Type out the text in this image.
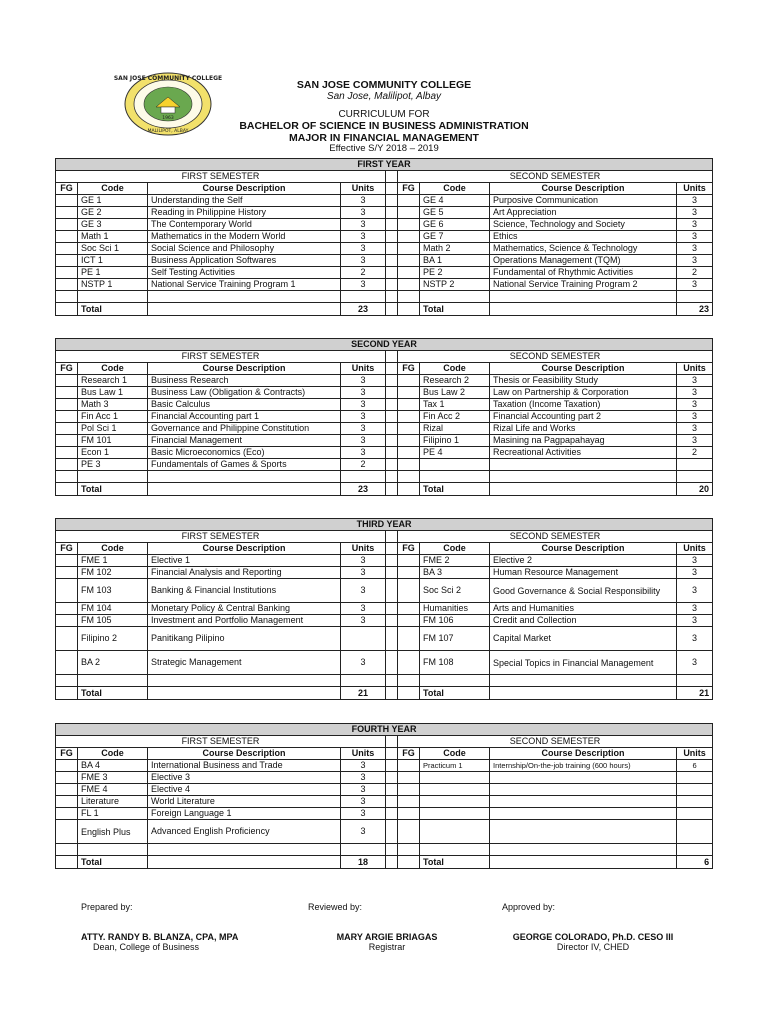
SAN JOSE COMMUNITY COLLEGE
MALILIPOT, ALBAY
1963
SAN JOSE COMMUNITY COLLEGE
San Jose, Malilipot, Albay
CURRICULUM FOR
BACHELOR OF SCIENCE IN BUSINESS ADMINISTRATION
MAJOR IN FINANCIAL MANAGEMENT
Effective S/Y 2018 – 2019
FIRST YEAR								
FIRST SEMESTER					SECOND SEMESTER			
FG	Code	Course Description	Units		FG	Code	Course Description	Units
	GE 1	Understanding the Self	3			GE 4	Purposive Communication	3
	GE 2	Reading in Philippine History	3			GE 5	Art Appreciation	3
	GE 3	The Contemporary World	3			GE 6	Science, Technology and Society	3
	Math 1	Mathematics in the Modern World	3			GE 7	Ethics	3
	Soc Sci 1	Social Science and Philosophy	3			Math 2	Mathematics, Science & Technology	3
	ICT 1	Business Application Softwares	3			BA 1	Operations Management (TQM)	3
	PE 1	Self Testing Activities	2			PE 2	Fundamental of Rhythmic Activities	2
	NSTP 1	National Service Training Program 1	3			NSTP 2	National Service Training Program 2	3

	Total		23			Total		23
SECOND YEAR								
FIRST SEMESTER					SECOND SEMESTER			
FG	Code	Course Description	Units		FG	Code	Course Description	Units
	Research 1	Business Research	3			Research 2	Thesis or Feasibility Study	3
	Bus Law 1	Business Law (Obligation & Contracts)	3			Bus Law 2	Law on Partnership & Corporation	3
	Math 3	Basic Calculus	3			Tax 1	Taxation (Income Taxation)	3
	Fin Acc 1	Financial Accounting part 1	3			Fin Acc 2	Financial Accounting part 2	3
	Pol Sci 1	Governance and Philippine Constitution	3			Rizal	Rizal Life and Works	3
	FM 101	Financial Management	3			Filipino 1	Masining na Pagpapahayag	3
	Econ 1	Basic Microeconomics (Eco)	3			PE 4	Recreational Activities	2
	PE 3	Fundamentals of Games & Sports	2					

	Total		23			Total		20
THIRD YEAR								
FIRST SEMESTER					SECOND SEMESTER			
FG	Code	Course Description	Units		FG	Code	Course Description	Units
	FME 1	Elective 1	3			FME 2	Elective 2	3
	FM 102	Financial Analysis and Reporting	3			BA 3	Human Resource Management	3
	FM 103	Banking & Financial Institutions	3			Soc Sci 2	Good Governance & Social Responsibility	3
	FM 104	Monetary Policy & Central Banking	3			Humanities	Arts and Humanities	3
	FM 105	Investment and Portfolio Management	3			FM 106	Credit and Collection	3
	Filipino 2	Panitikang Pilipino				FM 107	Capital Market	3
	BA 2	Strategic Management	3			FM 108	Special Topics in Financial Management	3

	Total		21			Total		21
FOURTH YEAR								
FIRST SEMESTER					SECOND SEMESTER			
FG	Code	Course Description	Units		FG	Code	Course Description	Units
	BA 4	International Business and Trade	3			Practicum 1	Internship/On-the-job training (600 hours)	6
	FME 3	Elective 3	3					
	FME 4	Elective 4	3					
	Literature	World Literature	3					
	FL 1	Foreign Language 1	3					
	English Plus	Advanced English Proficiency	3					

	Total		18			Total		6
Prepared by:	Reviewed by:	Approved by:
ATTY. RANDY B. BLANZA, CPA, MPA
Dean, College of Business
MARY ARGIE BRIAGAS
Registrar
GEORGE COLORADO, Ph.D. CESO III
Director IV, CHED
